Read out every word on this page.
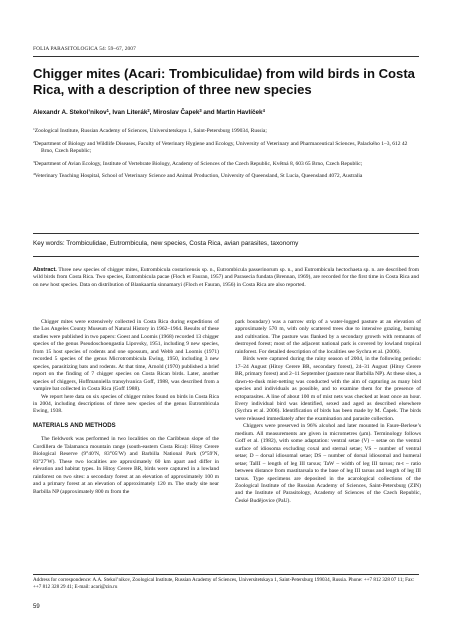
FOLIA PARASITOLOGICA 54: 59–67, 2007
Chigger mites (Acari: Trombiculidae) from wild birds in Costa Rica, with a description of three new species
Alexandr A. Stekol’nikov$^1$, Ivan Literák$^2$, Miroslav Čapek$^3$ and Martin Havlíček$^4$

$^1$Zoological Institute, Russian Academy of Sciences, Universitetskaya 1, Saint-Petersburg 199034, Russia;

$^2$Department of Biology and Wildlife Diseases, Faculty of Veterinary Hygiene and Ecology, University of Veterinary and Pharmaceutical Sciences, Palackého 1–3, 612 42 Brno, Czech Republic;

$^3$Department of Avian Ecology, Institute of Vertebrate Biology, Academy of Sciences of the Czech Republic, Květná 8, 603 65 Brno, Czech Republic;

$^4$Veterinary Teaching Hospital, School of Veterinary Science and Animal Production, University of Queensland, St Lucia, Queensland 4072, Australia

Key words: Trombiculidae, Eutrombicula, new species, Costa Rica, avian parasites, taxonomy

Abstract. Three new species of chigger mites, Eutrombicula costaricensis sp. n., Eutrombicula passerinorum sp. n., and Eutrombicula hectochaeta sp. n. are described from wild birds from Costa Rica. Two species, Eutrombicula pacae (Floch et Fauran, 1957) and Parasecia fundata (Brennan, 1969), are recorded for the first time in Costa Rica and on new host species. Data on distribution of Blankaartia sinnamaryi (Floch et Fauran, 1956) in Costa Rica are also reported.

Chigger mites were extensively collected in Costa Rica during expeditions of the Los Angeles County Museum of Natural History in 1962–1964. Results of these studies were published in two papers: Goest and Loomis (1968) recorded 13 chigger species of the genus Pseudoschoengastia Lipovsky, 1951, including 9 new species, from 15 host species of rodents and one opossum, and Webb and Loomis (1971) recorded 5 species of the genus Microtrombicula Ewing, 1950, including 3 new species, parasitizing bats and rodents. At that time, Arnold (1970) published a brief report on the finding of 7 chigger species on Costa Rican birds. Later, another species of chiggers, Hoffmanniella transylvanica Goff, 1988, was described from a vampire bat collected in Costa Rica (Goff 1988).

We report here data on six species of chigger mites found on birds in Costa Rica in 2004, including descriptions of three new species of the genus Eutrombicula Ewing, 1938.

MATERIALS AND METHODS

The fieldwork was performed in two localities on the Caribbean slope of the Cordillera de Talamanca mountain range (south-eastern Costa Rica): Hitoy Cerere Biological Reserve (9°40′N, 83°05′W) and Barbilla National Park (9°59′N, 83°27′W). These two localities are approximately 60 km apart and differ in elevation and habitat types. In Hitoy Cerere BR, birds were captured in a lowland rainforest on two sites: a secondary forest at an elevation of approximately 100 m and a primary forest at an elevation of approximately 120 m. The study site near Barbilla NP (approximately 800 m from the

park boundary) was a narrow strip of a water-logged pasture at an elevation of approximately 570 m, with only scattered trees due to intensive grazing, burning and cultivation. The pasture was flanked by a secondary growth with remnants of destroyed forest; most of the adjacent national park is covered by lowland tropical rainforest. For detailed description of the localities see Sychra et al. (2006).

Birds were captured during the rainy season of 2004, in the following periods: 17–24 August (Hitoy Cerere BR, secondary forest), 24–31 August (Hitoy Cerere BR, primary forest) and 2–11 September (pasture near Barbilla NP). At these sites, a dawn-to-dusk mist-netting was conducted with the aim of capturing as many bird species and individuals as possible, and to examine them for the presence of ectoparasites. A line of about 100 m of mist nets was checked at least once an hour. Every individual bird was identified, sexed and aged as described elsewhere (Sychra et al. 2006). Identification of birds has been made by M. Čapek. The birds were released immediately after the examination and parasite collection.

Chiggers were preserved in 96% alcohol and later mounted in Faure-Berlese’s medium. All measurements are given in micrometres (μm). Terminology follows Goff et al. (1982), with some adaptation: ventral setae (V) – setae on the ventral surface of idiosoma excluding coxal and sternal setae; VS – number of ventral setae; D – dorsal idiosomal setae; DS – number of dorsal idiosomal and humeral setae; TaIII – length of leg III tarsus; TaW – width of leg III tarsus; m-t – ratio between distance from mastitarsala to the base of leg III tarsus and length of leg III tarsus. Type specimens are deposited in the acarological collections of the Zoological Institute of the Russian Academy of Sciences, Saint-Petersburg (ZIN) and the Institute of Parasitology, Academy of Sciences of the Czech Republic, České Budějovice (PaU).

Address for correspondence: A.A. Stekol’nikov, Zoological Institute, Russian Academy of Sciences, Universitetskaya 1, Saint-Petersburg 199034, Russia. Phone: ++7 812 328 07 11; Fax: ++7 812 328 29 41; E-mail: acari@zin.ru
59
